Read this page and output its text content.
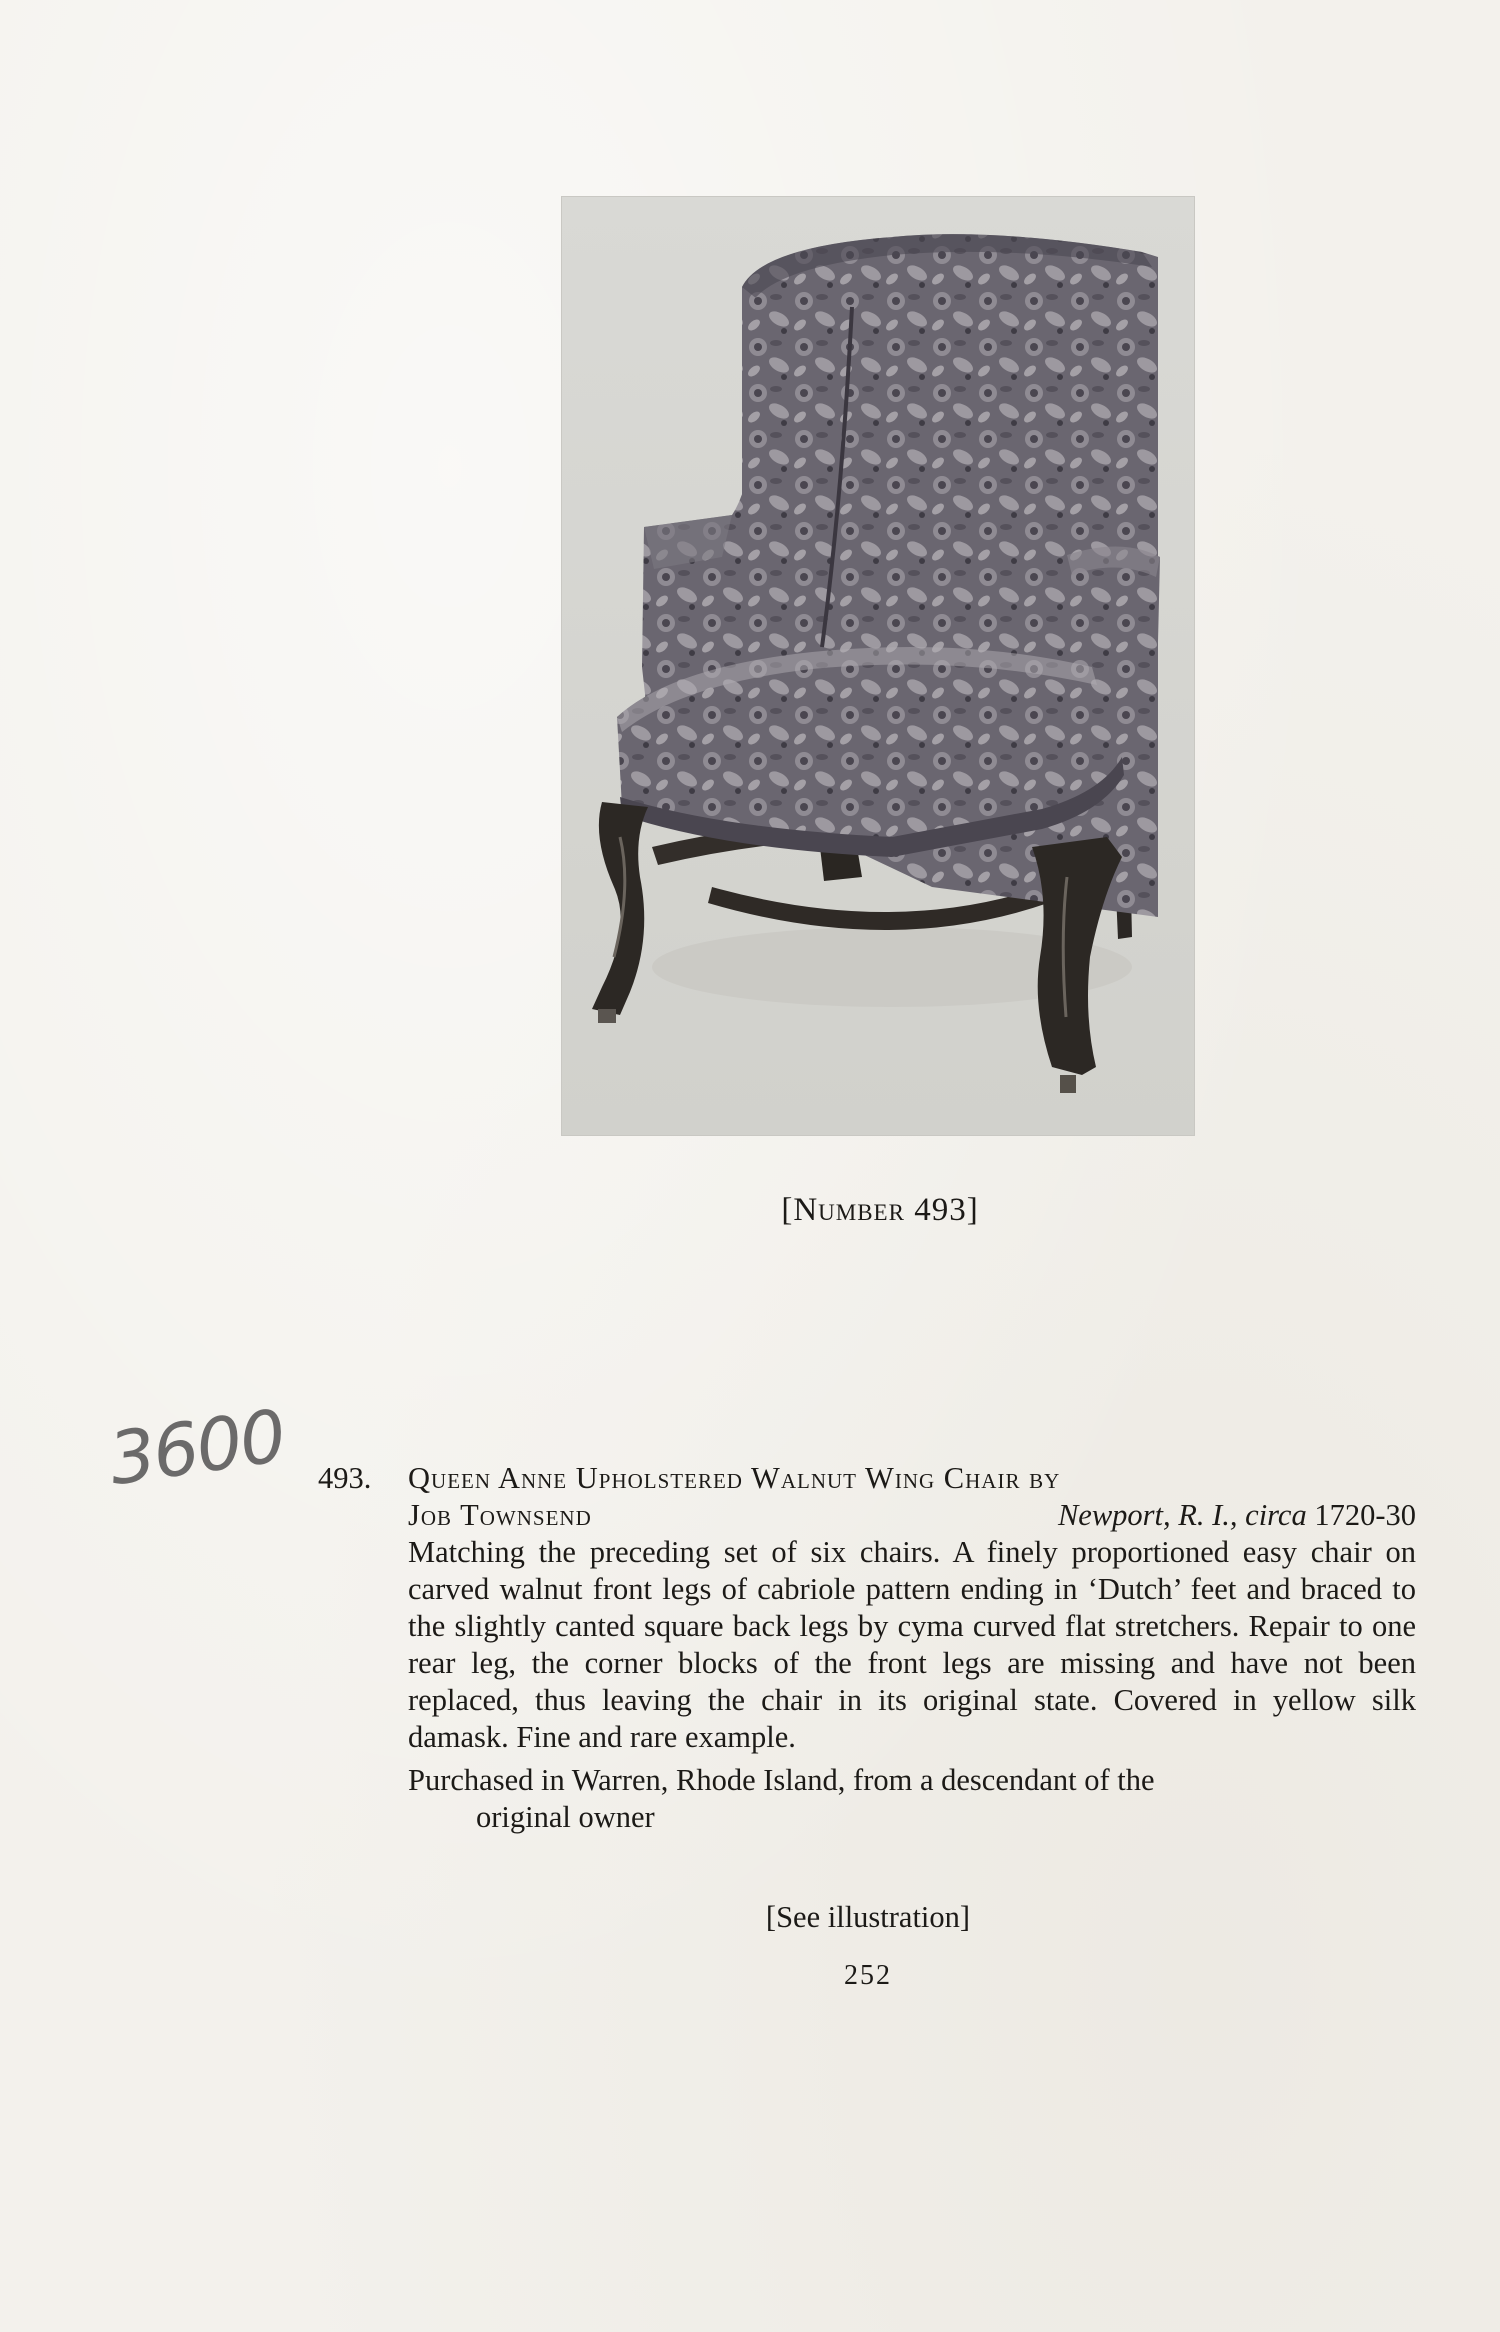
[Number 493]
3600 493. Queen Anne Upholstered Walnut Wing Chair by
Job Townsend	Newport, R. I., circa 1720-30
Matching the preceding set of six chairs. A finely proportioned easy chair on carved walnut front legs of cabriole pattern ending in ‘Dutch’ feet and braced to the slightly canted square back legs by cyma curved flat stretchers. Repair to one rear leg, the corner blocks of the front legs are missing and have not been replaced, thus leaving the chair in its original state. Covered in yellow silk damask. Fine and rare example.
Purchased in Warren, Rhode Island, from a descendant of the
original owner
[See illustration]
252
